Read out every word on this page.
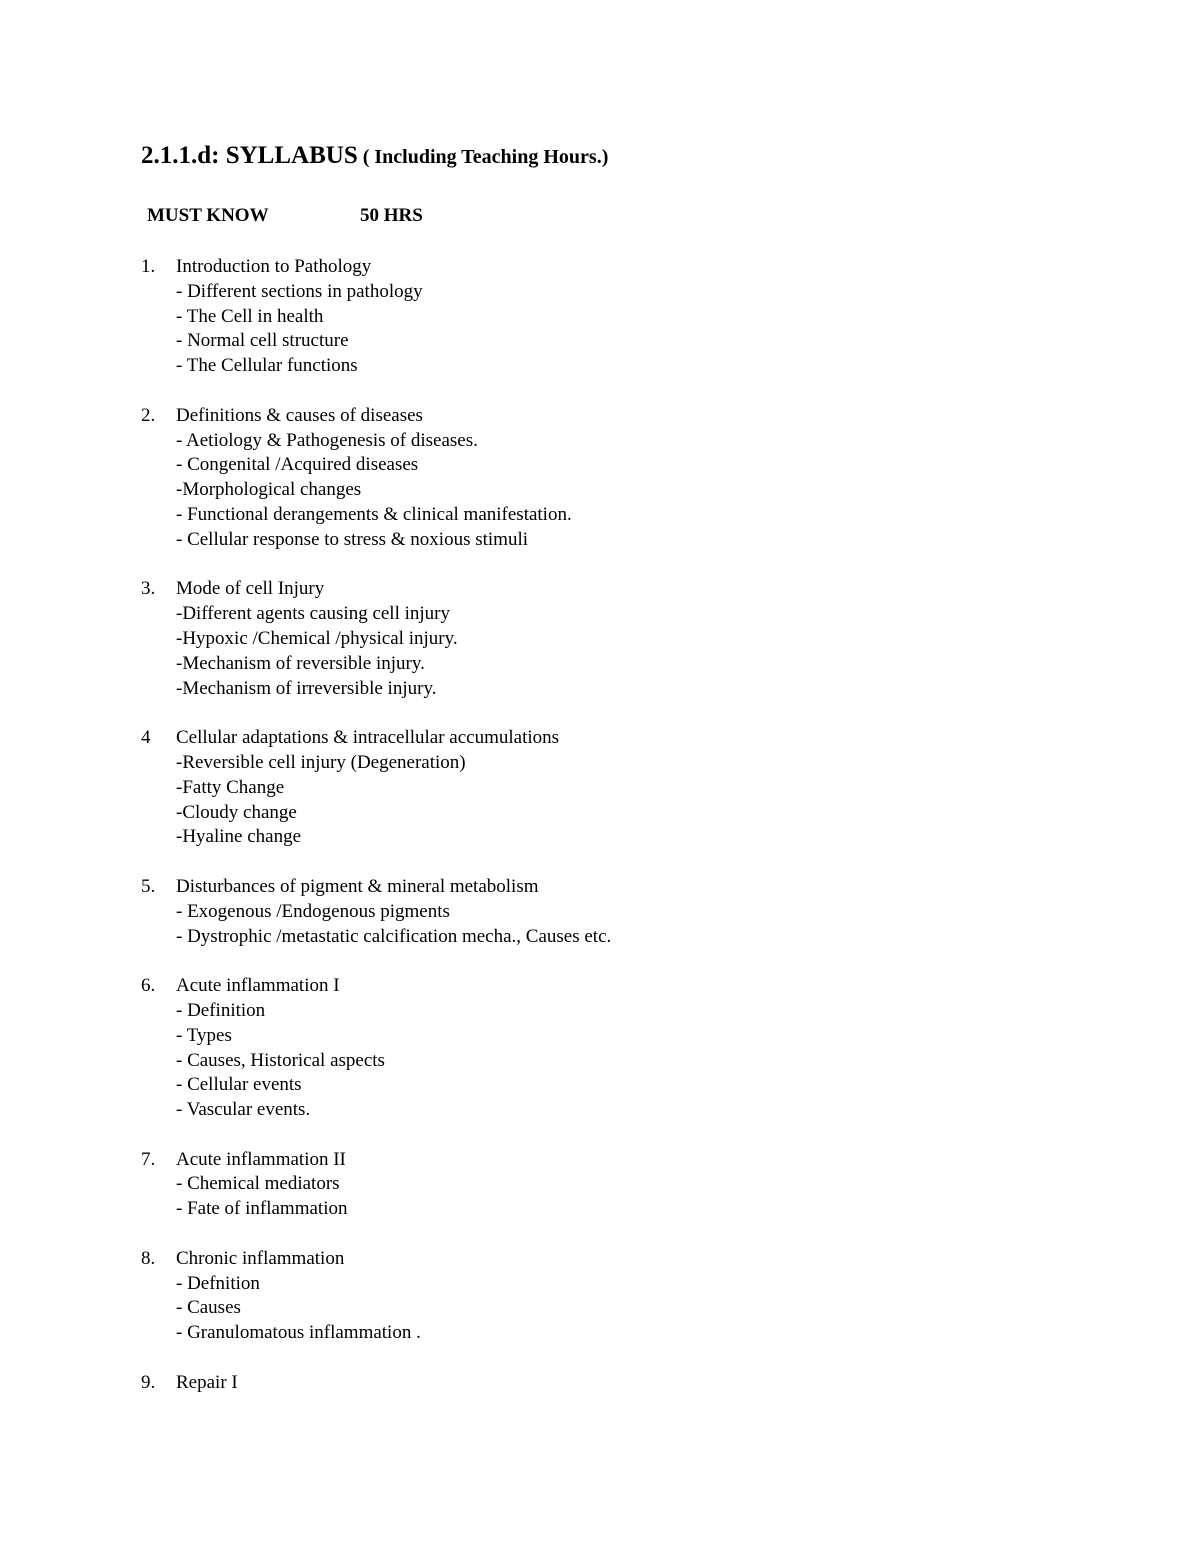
2.1.1.d: SYLLABUS ( Including Teaching Hours.)
MUST KNOW	50 HRS
1. Introduction to Pathology
- Different sections in pathology
- The Cell in health
- Normal cell structure
- The Cellular functions
2. Definitions & causes of diseases
- Aetiology & Pathogenesis of diseases.
- Congenital /Acquired diseases
-Morphological changes
- Functional derangements & clinical manifestation.
- Cellular response to stress & noxious stimuli
3. Mode of cell Injury
-Different agents causing cell injury
-Hypoxic /Chemical /physical injury.
-Mechanism of reversible injury.
-Mechanism of irreversible injury.
4 Cellular adaptations & intracellular accumulations
-Reversible cell injury (Degeneration)
-Fatty Change
-Cloudy change
-Hyaline change
5. Disturbances of pigment & mineral metabolism
- Exogenous /Endogenous pigments
- Dystrophic /metastatic calcification mecha., Causes etc.
6. Acute inflammation I
- Definition
- Types
- Causes, Historical aspects
- Cellular events
- Vascular events.
7. Acute inflammation II
- Chemical mediators
- Fate of inflammation
8. Chronic inflammation
- Defnition
- Causes
- Granulomatous inflammation .
9. Repair I
